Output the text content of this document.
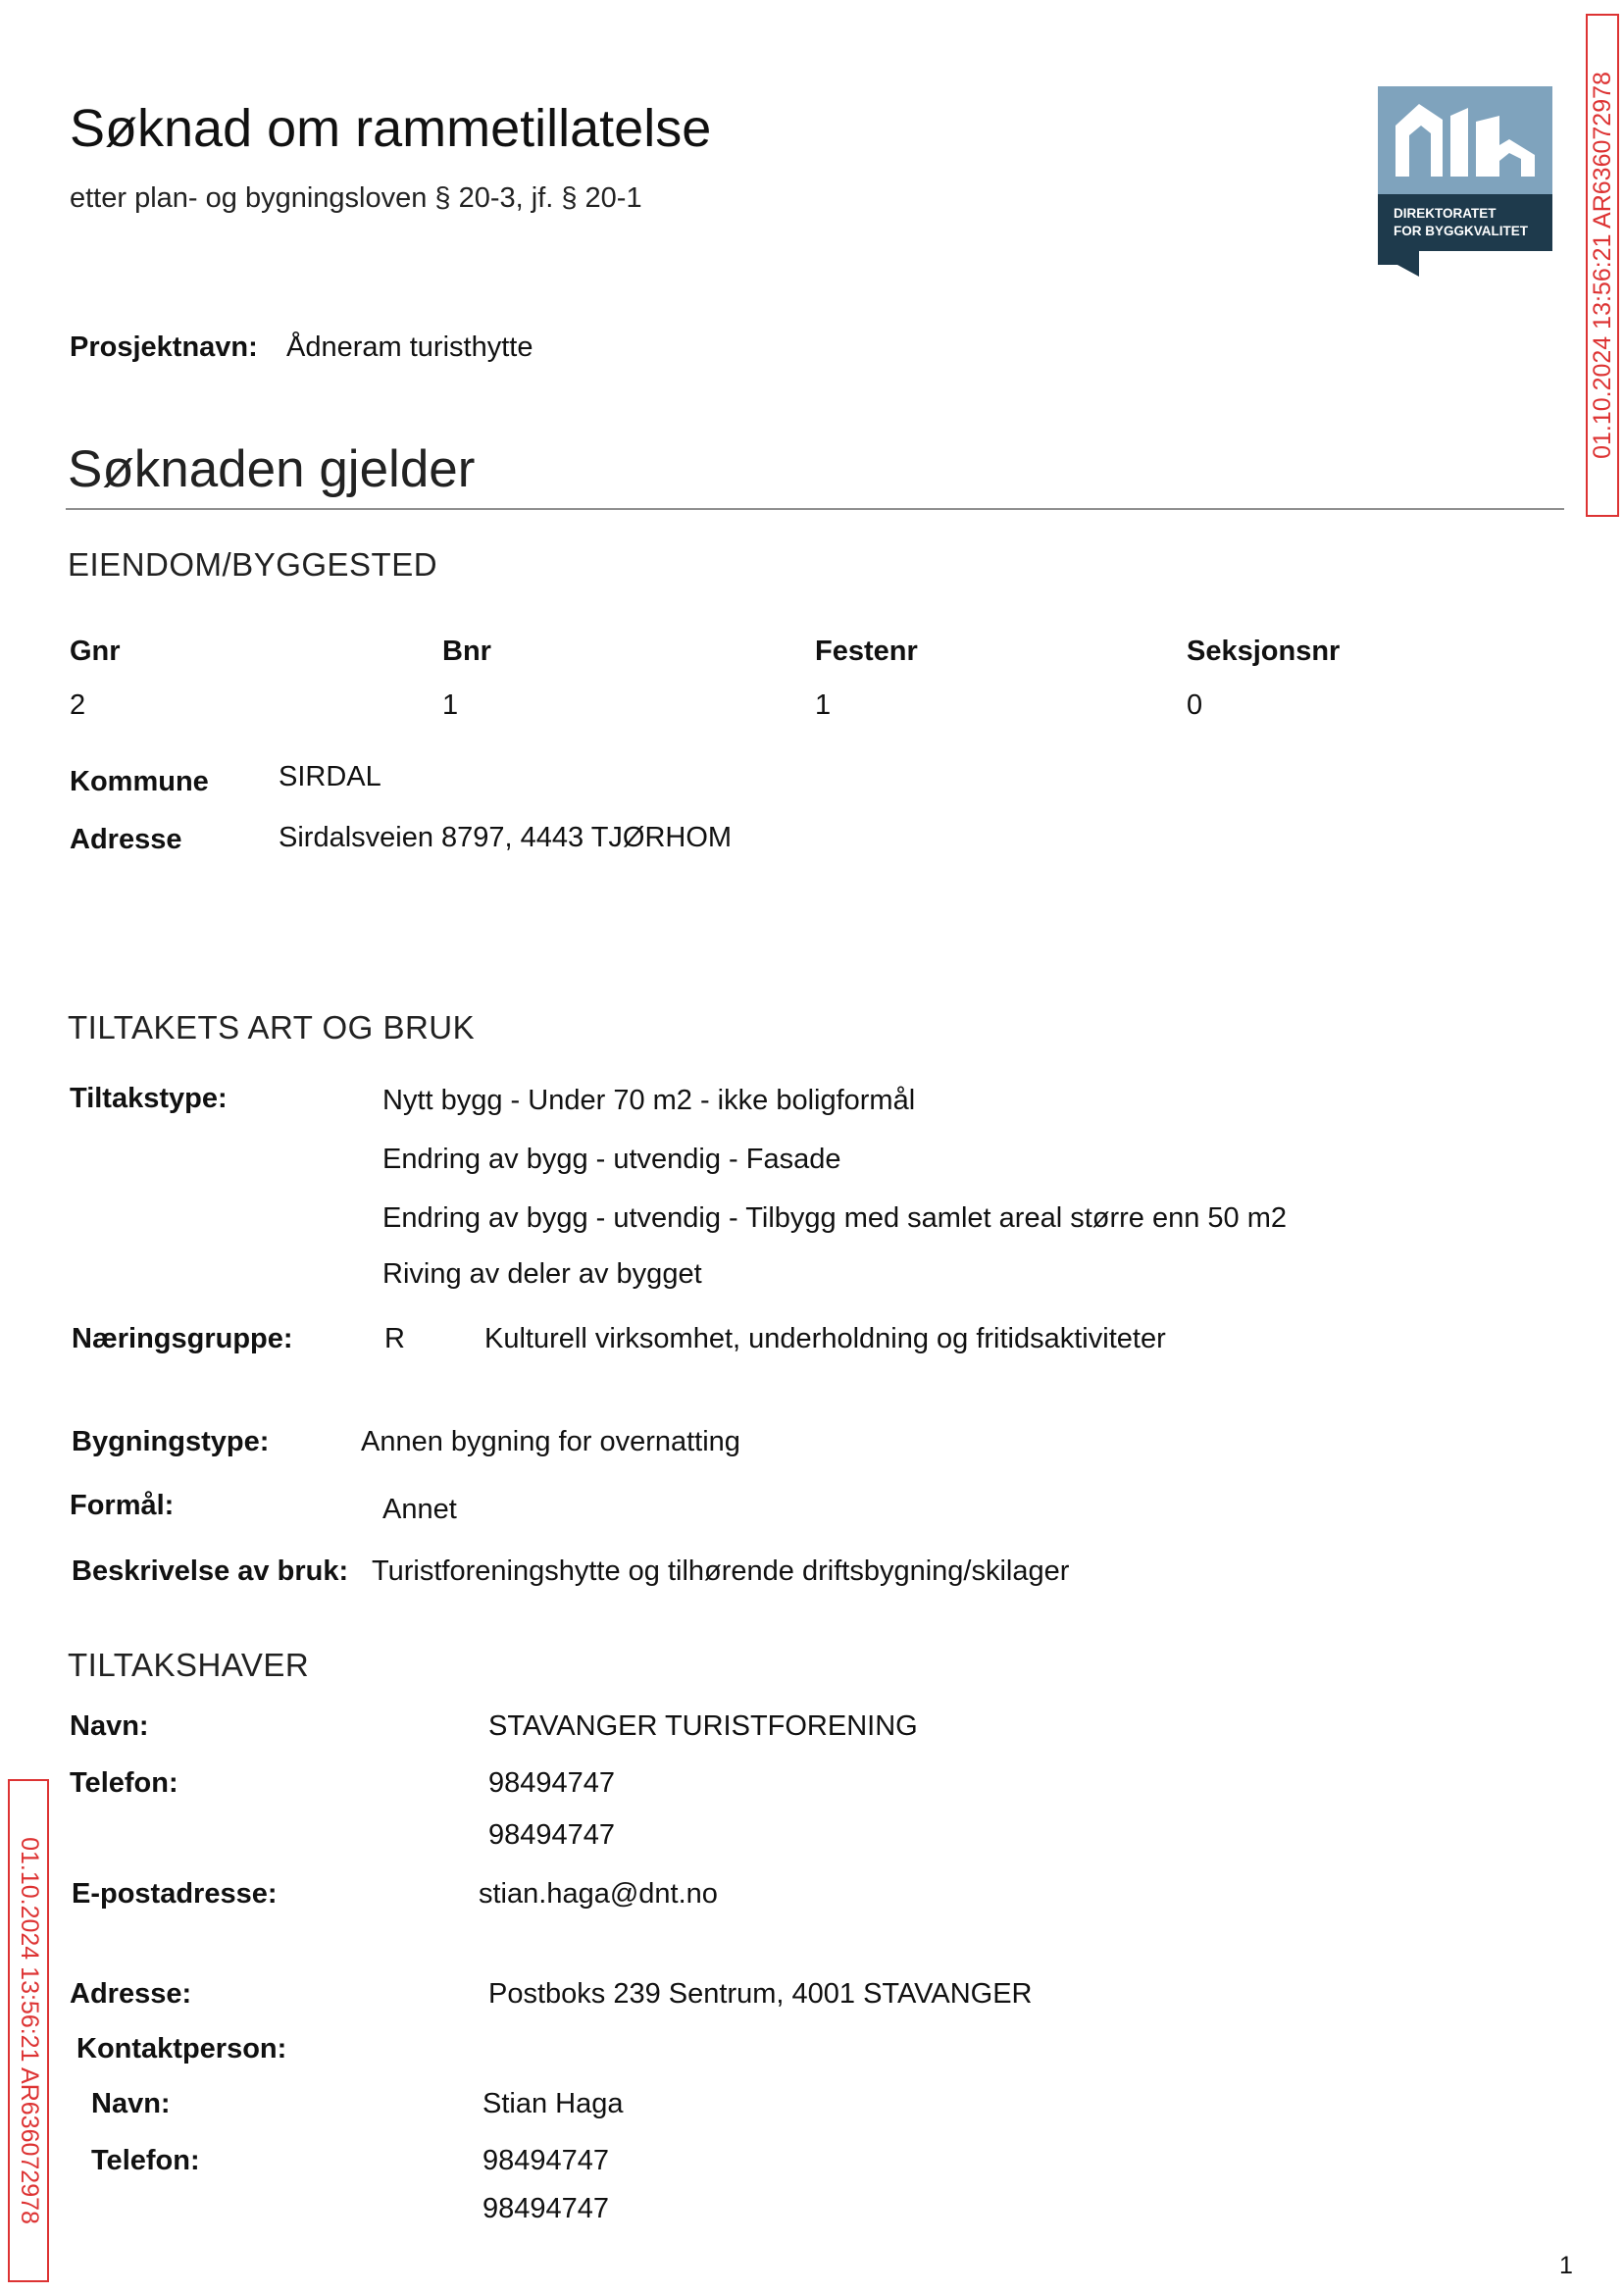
Søknad om rammetillatelse
etter plan- og bygningsloven § 20-3, jf. § 20-1	DIREKTORATET
FOR BYGGKVALITET 01.10.2024 13:56:21 AR636072978
Prosjektnavn: Ådneram turisthytte
Søknaden gjelder
EIENDOM/BYGGESTED
Gnr	Bnr	Festenr	Seksjonsnr
2	1	1	0
Kommune SIRDAL
Adresse	Sirdalsveien 8797, 4443 TJØRHOM
TILTAKETS ART OG BRUK
Tiltakstype:	Nytt bygg - Under 70 m2 - ikke boligformål
Endring av bygg - utvendig - Fasade
Endring av bygg - utvendig - Tilbygg med samlet areal større enn 50 m2
Riving av deler av bygget
Næringsgruppe:	R	Kulturell virksomhet, underholdning og fritidsaktiviteter
Bygningstype:	Annen bygning for overnatting
Formål:	Annet
Beskrivelse av bruk: Turistforeningshytte og tilhørende driftsbygning/skilager
TILTAKSHAVER
Navn:	STAVANGER TURISTFORENING
Telefon:	98494747
98494747
E-postadresse:	stian.haga@dnt.no
Adresse:	Postboks 239 Sentrum, 4001 STAVANGER
Kontaktperson:
Navn:	Stian Haga
Telefon:	98494747
98494747
01.10.2024 13:56:21 AR636072978
1
